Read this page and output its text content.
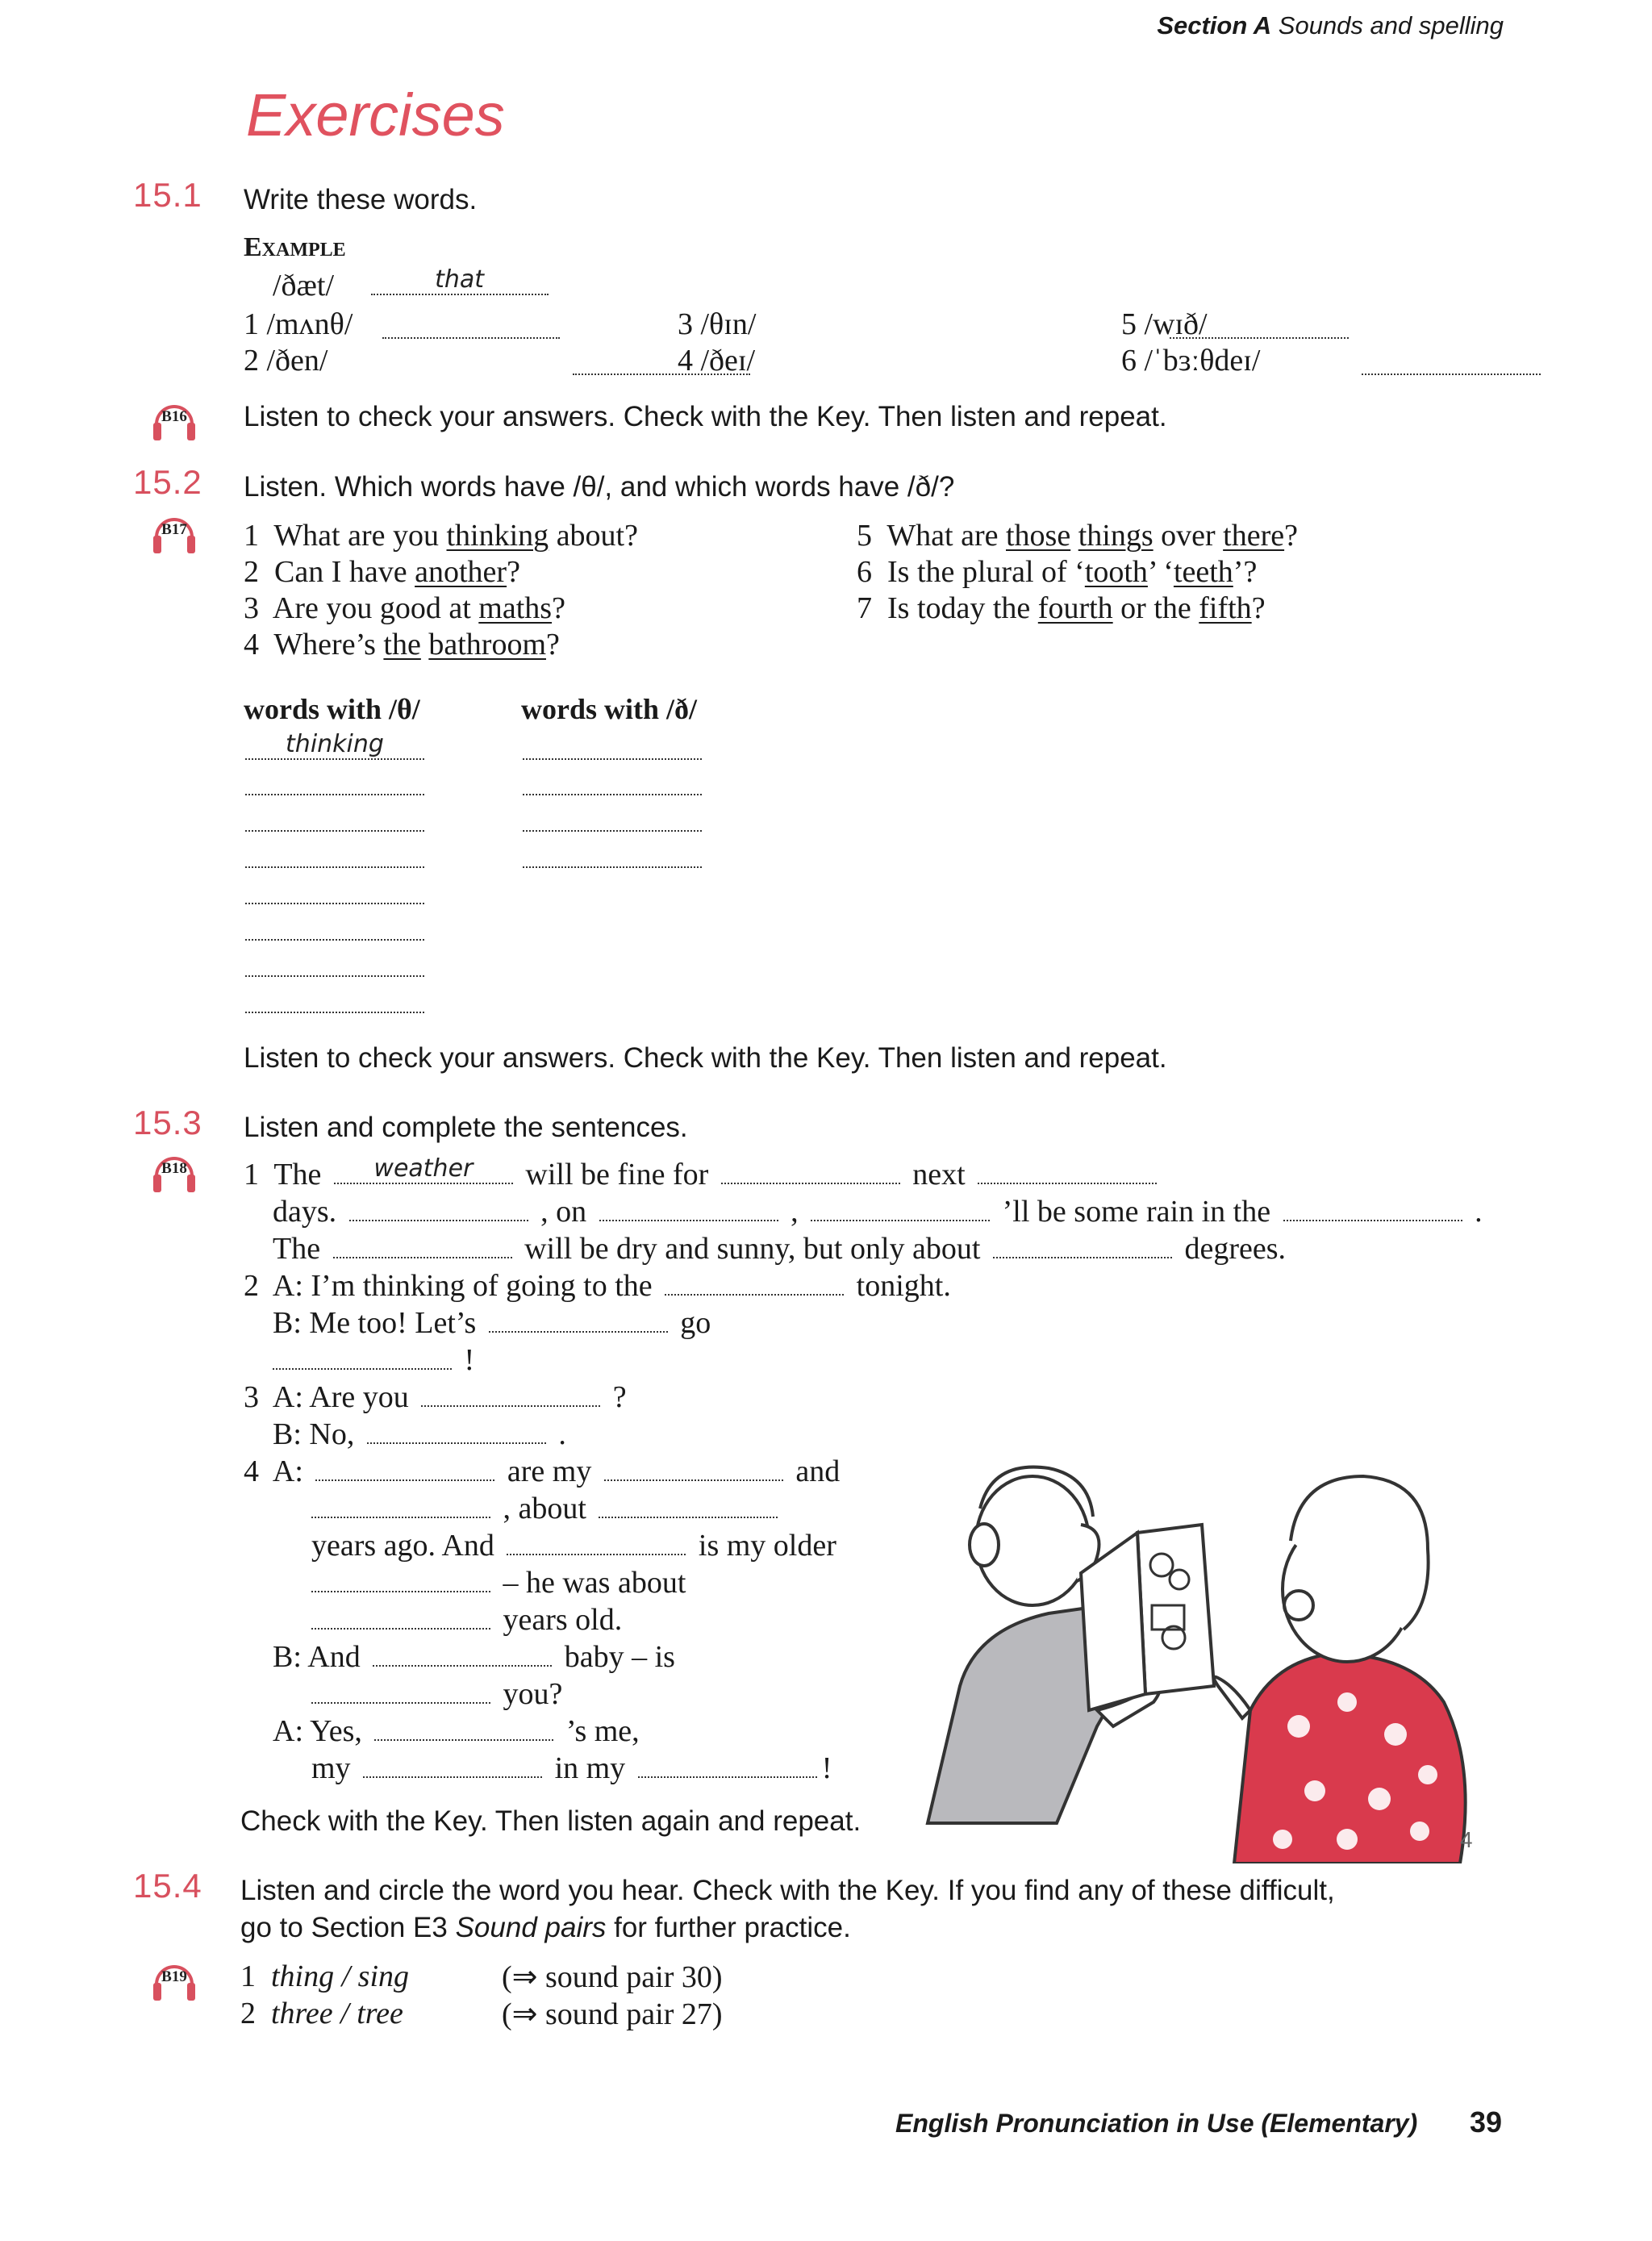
Section A Sounds and spelling
Exercises
15.1 Write these words.
Example
/ðæt/	that
1 /mʌnθ/

2 /ðen/

3 /θɪn/

4 /ðeɪ/

5 /wɪð/

6 /ˈbɜːθdeɪ/
B16 Listen to check your answers. Check with the Key. Then listen and repeat.
15.2 Listen. Which words have /θ/, and which words have /ð/?
B17 1  What are you thinking about?
2  Can I have another?
3  Are you good at maths?
4  Where’s the bathroom?
5  What are those things over there?
6  Is the plural of ‘tooth’ ‘teeth’?
7  Is today the fourth or the fifth?
words with /θ/	words with /ð/
thinking
Listen to check your answers. Check with the Key. Then listen and repeat.
15.3 Listen and complete the sentences.
B18 1  The	weather	will be fine for	next
days.	, on	,	’ll be some rain in the	.
The	will be dry and sunny, but only about	degrees.
2  A: I’m thinking of going to the	tonight.
B: Me too! Let’s	go
!
3  A: Are you	?
B: No,	.
4  A:	are my	and
, about
years ago. And	is my older
– he was about
years old.
B: And	baby – is
you?
A: Yes,	’s me,
my	in my	!
Check with the Key. Then listen again and repeat.
4
15.4 Listen and circle the word you hear. Check with the Key. If you find any of these difficult,
go to Section E3 Sound pairs for further practice.
B19 1 thing / sing	(⇒ sound pair 30)
2 three / tree	(⇒ sound pair 27)
English Pronunciation in Use (Elementary) 39
